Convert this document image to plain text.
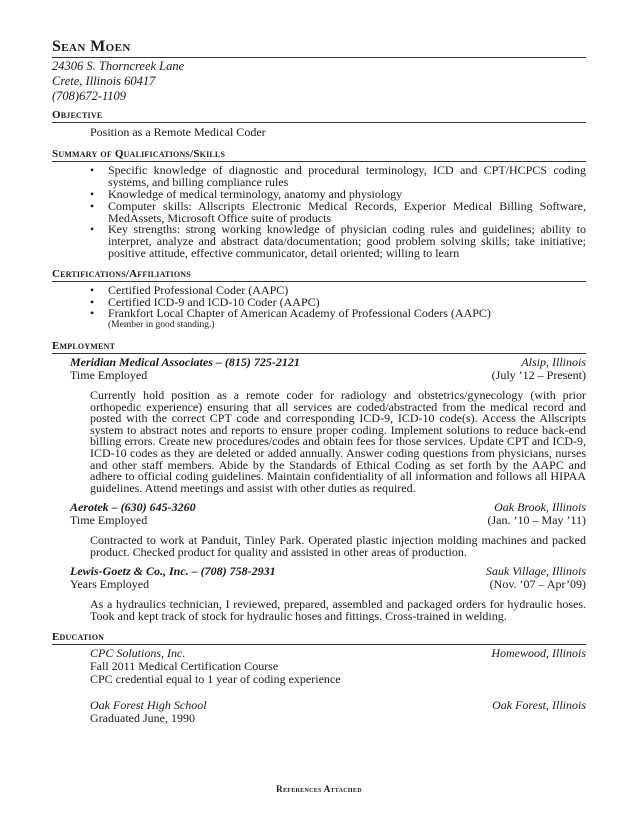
Sean Moen
24306 S. Thorncreek Lane
Crete, Illinois 60417
(708)672-1109
Objective
Position as a Remote Medical Coder
Summary of Qualifications/Skills
• Specific knowledge of diagnostic and procedural terminology, ICD and CPT/HCPCS coding systems, and billing compliance rules
• Knowledge of medical terminology, anatomy and physiology
• Computer skills: Allscripts Electronic Medical Records, Experior Medical Billing Software, MedAssets, Microsoft Office suite of products
• Key strengths: strong working knowledge of physician coding rules and guidelines; ability to interpret, analyze and abstract data/documentation; good problem solving skills; take initiative; positive attitude, effective communicator, detail oriented; willing to learn
Certifications/Affiliations
• Certified Professional Coder (AAPC)
• Certified ICD-9 and ICD-10 Coder (AAPC)
• Frankfort Local Chapter of American Academy of Professional Coders (AAPC)
(Member in good standing.)
Employment
Meridian Medical Associates – (815) 725-2121	Alsip, Illinois
Time Employed	(July ’12 – Present)
Currently hold position as a remote coder for radiology and obstetrics/gynecology (with prior orthopedic experience) ensuring that all services are coded/abstracted from the medical record and posted with the correct CPT code and corresponding ICD-9, ICD-10 code(s). Access the Allscripts system to abstract notes and reports to ensure proper coding. Implement solutions to reduce back-end billing errors. Create new procedures/codes and obtain fees for those services. Update CPT and ICD-9, ICD-10 codes as they are deleted or added annually. Answer coding questions from physicians, nurses and other staff members. Abide by the Standards of Ethical Coding as set forth by the AAPC and adhere to official coding guidelines. Maintain confidentiality of all information and follows all HIPAA guidelines. Attend meetings and assist with other duties as required.
Aerotek – (630) 645-3260	Oak Brook, Illinois
Time Employed	(Jan. ’10 – May ’11)
Contracted to work at Panduit, Tinley Park. Operated plastic injection molding machines and packed product. Checked product for quality and assisted in other areas of production.
Lewis-Goetz & Co., Inc. – (708) 758-2931	Sauk Village, Illinois
Years Employed	(Nov. ’07 – Apr’09)
As a hydraulics technician, I reviewed, prepared, assembled and packaged orders for hydraulic hoses. Took and kept track of stock for hydraulic hoses and fittings. Cross-trained in welding.
Education
CPC Solutions, Inc.	Homewood, Illinois
Fall 2011 Medical Certification Course
CPC credential equal to 1 year of coding experience
Oak Forest High School	Oak Forest, Illinois
Graduated June, 1990
References Attached
